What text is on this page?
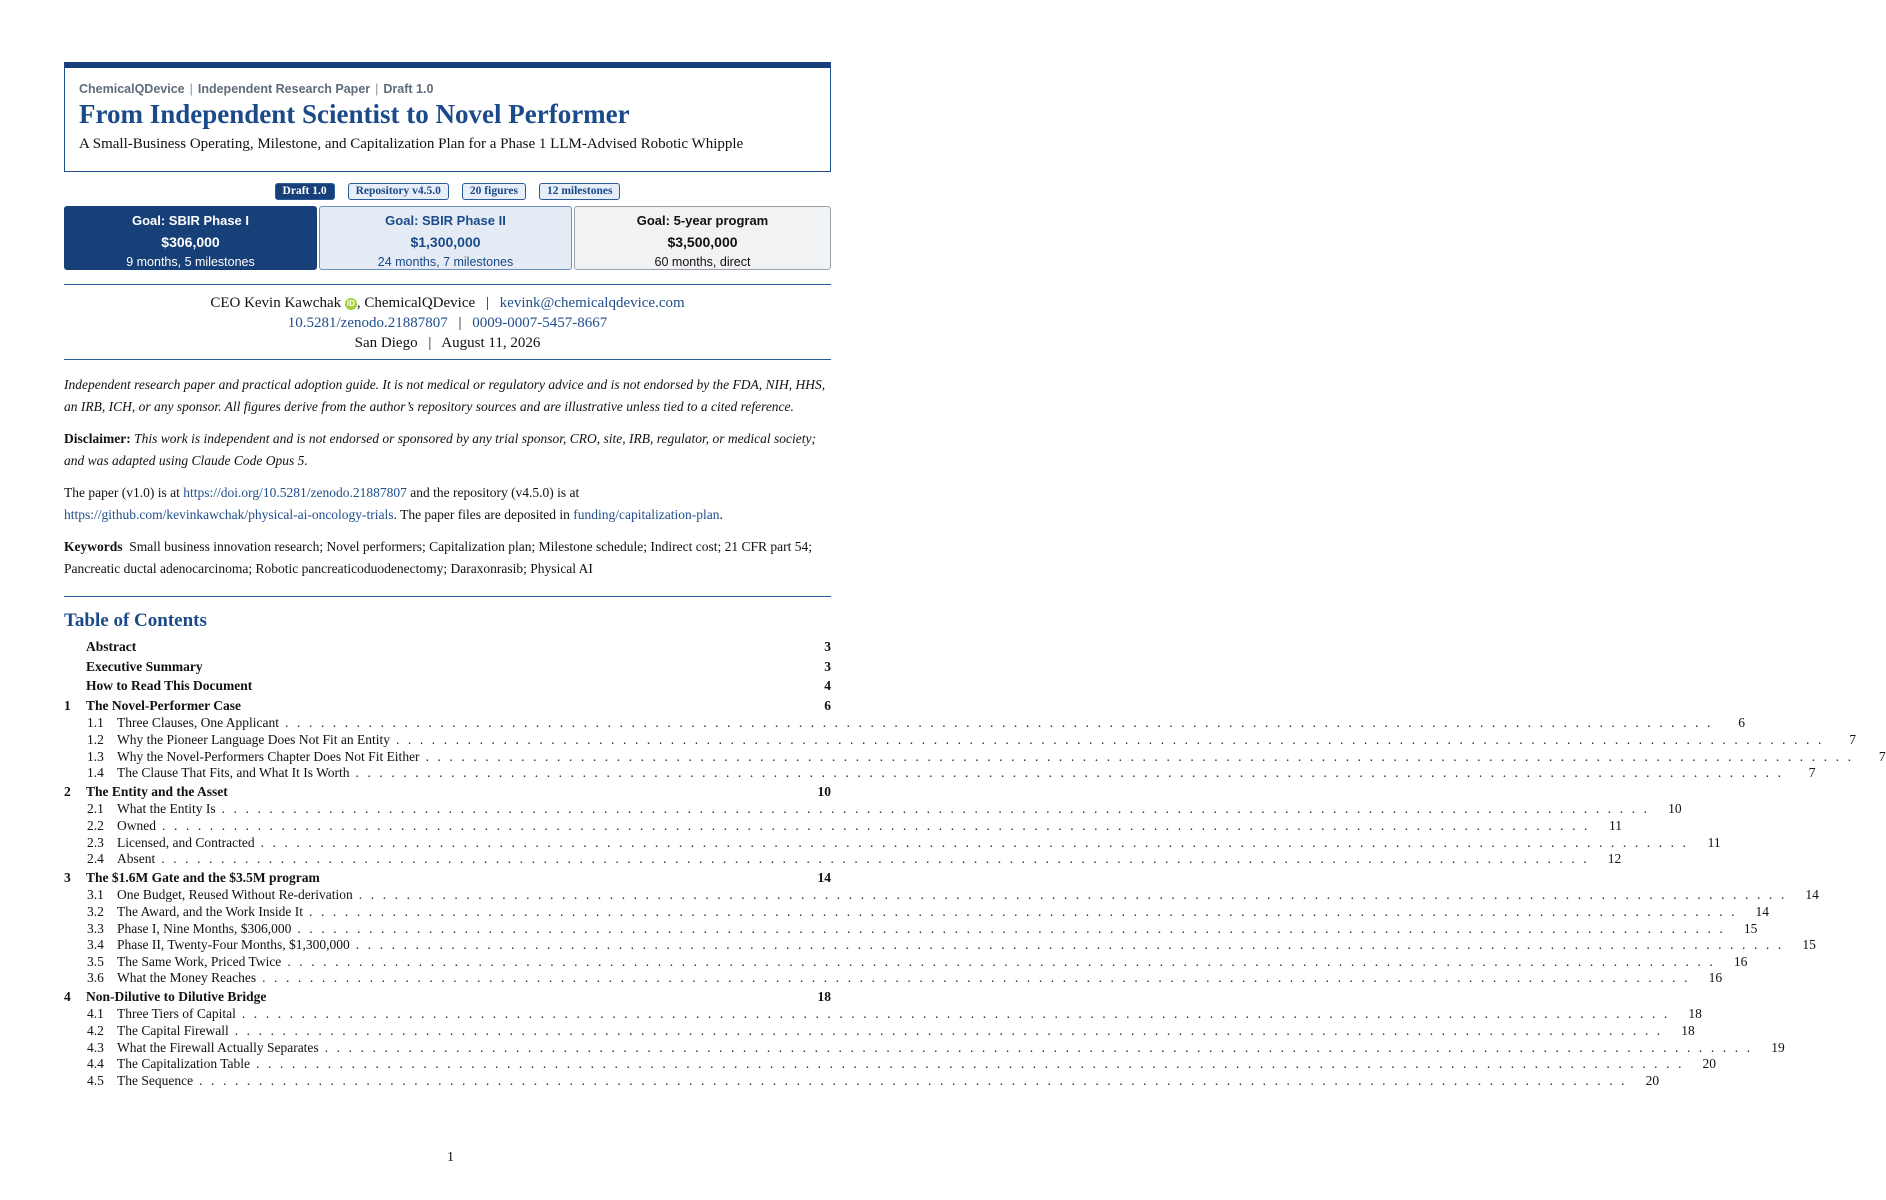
ChemicalQDevice | Independent Research Paper | Draft 1.0
From Independent Scientist to Novel Performer
A Small-Business Operating, Milestone, and Capitalization Plan for a Phase 1 LLM-Advised Robotic Whipple
Draft 1.0	Repository v4.5.0	20 figures	12 milestones
Goal: SBIR Phase I
$306,000
9 months, 5 milestones
Goal: SBIR Phase II
$1,300,000
24 months, 7 milestones
Goal: 5-year program
$3,500,000
60 months, direct
CEO Kevin Kawchak iD , ChemicalQDevice | kevink@chemicalqdevice.com
10.5281/zenodo.21887807 | 0009-0007-5457-8667
San Diego | August 11, 2026
Independent research paper and practical adoption guide. It is not medical or regulatory advice and is not endorsed by the FDA, NIH, HHS, an IRB, ICH, or any sponsor. All figures derive from the author’s repository sources and are illustrative unless tied to a cited reference.
Disclaimer: This work is independent and is not endorsed or sponsored by any trial sponsor, CRO, site, IRB, regulator, or medical society; and was adapted using Claude Code Opus 5.
The paper (v1.0) is at https://doi.org/10.5281/zenodo.21887807 and the repository (v4.5.0) is at
https://github.com/kevinkawchak/physical-ai-oncology-trials. The paper files are deposited in funding/capitalization-plan.
Keywords Small business innovation research; Novel performers; Capitalization plan; Milestone schedule; Indirect cost; 21 CFR part 54; Pancreatic ductal adenocarcinoma; Robotic pancreaticoduodenectomy; Daraxonrasib; Physical AI
Table of Contents
Abstract	3
Executive Summary	3
How to Read This Document	4
1	The Novel-Performer Case	6
1.1 Three Clauses, One Applicant . . . . . . . . . . . . . . . . . . . . . . . . . . . . . . . . . . . . . . . . . . . . . . . . . . . . . . . . . . . . . . . . . . . . . . . . . . . . . . . . . . . . . . . . . . . . . . . . . . . . . . . . . . . . . . . . . . . . . . . .	6
1.2 Why the Pioneer Language Does Not Fit an Entity . . . . . . . . . . . . . . . . . . . . . . . . . . . . . . . . . . . . . . . . . . . . . . . . . . . . . . . . . . . . . . . . . . . . . . . . . . . . . . . . . . . . . . . . . . . . . . . . . . . . . . . . . . . . . . . . . . . . . . . .	7
1.3 Why the Novel-Performers Chapter Does Not Fit Either . . . . . . . . . . . . . . . . . . . . . . . . . . . . . . . . . . . . . . . . . . . . . . . . . . . . . . . . . . . . . . . . . . . . . . . . . . . . . . . . . . . . . . . . . . . . . . . . . . . . . . . . . . . . . . . . . . . . . . . .	7
1.4 The Clause That Fits, and What It Is Worth . . . . . . . . . . . . . . . . . . . . . . . . . . . . . . . . . . . . . . . . . . . . . . . . . . . . . . . . . . . . . . . . . . . . . . . . . . . . . . . . . . . . . . . . . . . . . . . . . . . . . . . . . . . . . . . . . . . . . . . .	7
2	The Entity and the Asset	10
2.1 What the Entity Is . . . . . . . . . . . . . . . . . . . . . . . . . . . . . . . . . . . . . . . . . . . . . . . . . . . . . . . . . . . . . . . . . . . . . . . . . . . . . . . . . . . . . . . . . . . . . . . . . . . . . . . . . . . . . . . . . . . . . . . .	10
2.2 Owned . . . . . . . . . . . . . . . . . . . . . . . . . . . . . . . . . . . . . . . . . . . . . . . . . . . . . . . . . . . . . . . . . . . . . . . . . . . . . . . . . . . . . . . . . . . . . . . . . . . . . . . . . . . . . . . . . . . . . . . .	11
2.3 Licensed, and Contracted . . . . . . . . . . . . . . . . . . . . . . . . . . . . . . . . . . . . . . . . . . . . . . . . . . . . . . . . . . . . . . . . . . . . . . . . . . . . . . . . . . . . . . . . . . . . . . . . . . . . . . . . . . . . . . . . . . . . . . . .	11
2.4 Absent . . . . . . . . . . . . . . . . . . . . . . . . . . . . . . . . . . . . . . . . . . . . . . . . . . . . . . . . . . . . . . . . . . . . . . . . . . . . . . . . . . . . . . . . . . . . . . . . . . . . . . . . . . . . . . . . . . . . . . . .	12
3	The $1.6M Gate and the $3.5M program	14
3.1 One Budget, Reused Without Re-derivation . . . . . . . . . . . . . . . . . . . . . . . . . . . . . . . . . . . . . . . . . . . . . . . . . . . . . . . . . . . . . . . . . . . . . . . . . . . . . . . . . . . . . . . . . . . . . . . . . . . . . . . . . . . . . . . . . . . . . . . .	14
3.2 The Award, and the Work Inside It . . . . . . . . . . . . . . . . . . . . . . . . . . . . . . . . . . . . . . . . . . . . . . . . . . . . . . . . . . . . . . . . . . . . . . . . . . . . . . . . . . . . . . . . . . . . . . . . . . . . . . . . . . . . . . . . . . . . . . . .	14
3.3 Phase I, Nine Months, $306,000 . . . . . . . . . . . . . . . . . . . . . . . . . . . . . . . . . . . . . . . . . . . . . . . . . . . . . . . . . . . . . . . . . . . . . . . . . . . . . . . . . . . . . . . . . . . . . . . . . . . . . . . . . . . . . . . . . . . . . . . .	15
3.4 Phase II, Twenty-Four Months, $1,300,000 . . . . . . . . . . . . . . . . . . . . . . . . . . . . . . . . . . . . . . . . . . . . . . . . . . . . . . . . . . . . . . . . . . . . . . . . . . . . . . . . . . . . . . . . . . . . . . . . . . . . . . . . . . . . . . . . . . . . . . . .	15
3.5 The Same Work, Priced Twice . . . . . . . . . . . . . . . . . . . . . . . . . . . . . . . . . . . . . . . . . . . . . . . . . . . . . . . . . . . . . . . . . . . . . . . . . . . . . . . . . . . . . . . . . . . . . . . . . . . . . . . . . . . . . . . . . . . . . . . .	16
3.6 What the Money Reaches . . . . . . . . . . . . . . . . . . . . . . . . . . . . . . . . . . . . . . . . . . . . . . . . . . . . . . . . . . . . . . . . . . . . . . . . . . . . . . . . . . . . . . . . . . . . . . . . . . . . . . . . . . . . . . . . . . . . . . . .	16
4	Non-Dilutive to Dilutive Bridge	18
4.1 Three Tiers of Capital . . . . . . . . . . . . . . . . . . . . . . . . . . . . . . . . . . . . . . . . . . . . . . . . . . . . . . . . . . . . . . . . . . . . . . . . . . . . . . . . . . . . . . . . . . . . . . . . . . . . . . . . . . . . . . . . . . . . . . . .	18
4.2 The Capital Firewall . . . . . . . . . . . . . . . . . . . . . . . . . . . . . . . . . . . . . . . . . . . . . . . . . . . . . . . . . . . . . . . . . . . . . . . . . . . . . . . . . . . . . . . . . . . . . . . . . . . . . . . . . . . . . . . . . . . . . . . .	18
4.3 What the Firewall Actually Separates . . . . . . . . . . . . . . . . . . . . . . . . . . . . . . . . . . . . . . . . . . . . . . . . . . . . . . . . . . . . . . . . . . . . . . . . . . . . . . . . . . . . . . . . . . . . . . . . . . . . . . . . . . . . . . . . . . . . . . . .	19
4.4 The Capitalization Table . . . . . . . . . . . . . . . . . . . . . . . . . . . . . . . . . . . . . . . . . . . . . . . . . . . . . . . . . . . . . . . . . . . . . . . . . . . . . . . . . . . . . . . . . . . . . . . . . . . . . . . . . . . . . . . . . . . . . . . .	20
4.5 The Sequence . . . . . . . . . . . . . . . . . . . . . . . . . . . . . . . . . . . . . . . . . . . . . . . . . . . . . . . . . . . . . . . . . . . . . . . . . . . . . . . . . . . . . . . . . . . . . . . . . . . . . . . . . . . . . . . . . . . . . . . .	20
1
